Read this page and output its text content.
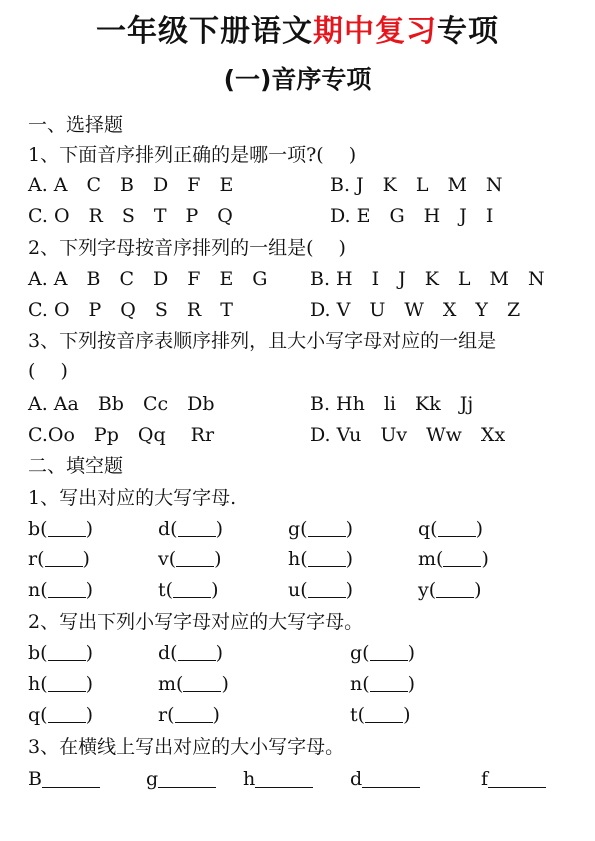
一年级下册语文期中复习专项
(一)音序专项
一、选择题
1、下面音序排列正确的是哪一项?(　 )
A. A　C　B　D　F　E	B. J　K　L　M　N
C. O　R　S　T　P　Q	D. E　G　H　J　I
2、下列字母按音序排列的一组是(　 )
A. A　B　C　D　F　E　G B. H　I　J　K　L　M　N
C. O　P　Q　S　R　T	D. V　U　W　X　Y　Z
3、下列按音序表顺序排列，且大小写字母对应的一组是
(　 )
A. Aa　Bb　Cc　Db	B. Hh　li　Kk　Jj
C.Oo　Pp　Qq　 Rr	D. Vu　Uv　Ww　Xx
二、填空题
1、写出对应的大写字母.
b( )	d( )	g( )	q( )
r( )	v( )	h( )	m( )
n( )	t( )	u( )	y( )
2、写出下列小写字母对应的大写字母。
b( )	d( )	g( )
h( )	m( )	n( )
q( )	r( )	t( )
3、在横线上写出对应的大小写字母。
B	g	h	d	f
